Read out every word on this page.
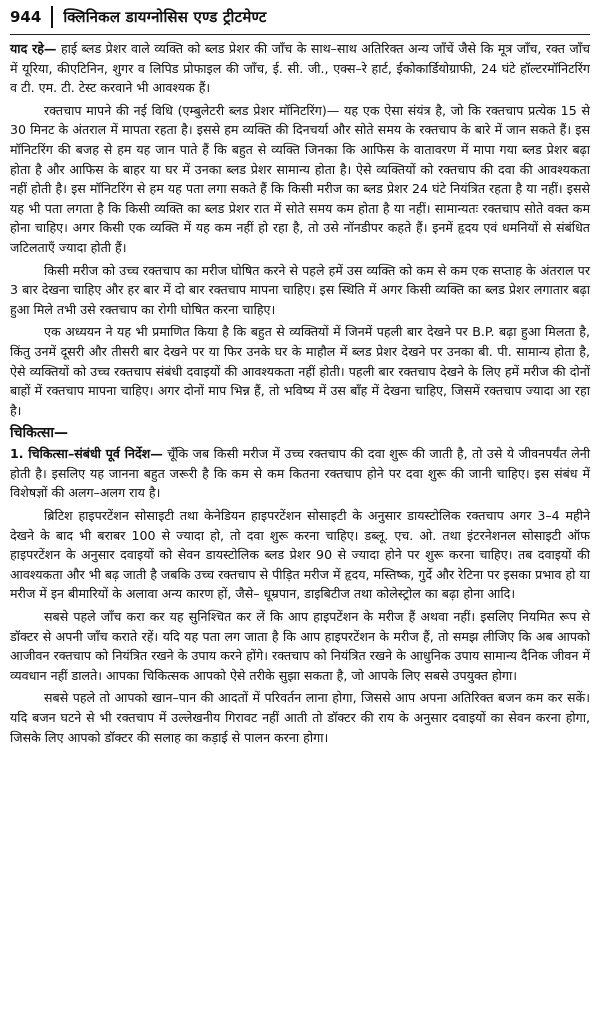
944	क्लिनिकल डायग्नोसिस एण्ड ट्रीटमेण्ट

याद रहे— हाई ब्लड प्रेशर वाले व्यक्ति को ब्लड प्रेशर की जाँच के साथ–साथ अतिरिक्त अन्य जाँचें जैसे कि मूत्र जाँच, रक्त जाँच में यूरिया, कीएटिनिन, शुगर व लिपिड प्रोफाइल की जाँच, ई. सी. जी., एक्स–रे हार्ट, ईकोकार्डियोग्राफी, 24 घंटे हॉल्टरमॉनिटरिंग व टी. एम. टी. टेस्ट करवाने भी आवश्यक हैं।

रक्तचाप मापने की नई विधि (एम्बुलेटरी ब्लड प्रेशर मॉनिटरिंग)— यह एक ऐसा संयंत्र है, जो कि रक्तचाप प्रत्येक 15 से 30 मिनट के अंतराल में मापता रहता है। इससे हम व्यक्ति की दिनचर्या और सोते समय के रक्तचाप के बारे में जान सकते हैं। इस मॉनिटरिंग की बजह से हम यह जान पाते हैं कि बहुत से व्यक्ति जिनका कि आफिस के वातावरण में मापा गया ब्लड प्रेशर बढ़ा होता है और आफिस के बाहर या घर में उनका ब्लड प्रेशर सामान्य होता है। ऐसे व्यक्तियों को रक्तचाप की दवा की आवश्यकता नहीं होती है। इस मॉनिटरिंग से हम यह पता लगा सकते हैं कि किसी मरीज का ब्लड प्रेशर 24 घंटे नियंत्रित रहता है या नहीं। इससे यह भी पता लगता है कि किसी व्यक्ति का ब्लड प्रेशर रात में सोते समय कम होता है या नहीं। सामान्यतः रक्तचाप सोते वक्त कम होना चाहिए। अगर किसी एक व्यक्ति में यह कम नहीं हो रहा है, तो उसे नॉनडीपर कहते हैं। इनमें हृदय एवं धमनियों से संबंधित जटिलताएँ ज्यादा होती हैं।

किसी मरीज को उच्च रक्तचाप का मरीज घोषित करने से पहले हमें उस व्यक्ति को कम से कम एक सप्ताह के अंतराल पर 3 बार देखना चाहिए और हर बार में दो बार रक्तचाप मापना चाहिए। इस स्थिति में अगर किसी व्यक्ति का ब्लड प्रेशर लगातार बढ़ा हुआ मिले तभी उसे रक्तचाप का रोगी घोषित करना चाहिए।

एक अध्ययन ने यह भी प्रमाणित किया है कि बहुत से व्यक्तियों में जिनमें पहली बार देखने पर B.P. बढ़ा हुआ मिलता है, किंतु उनमें दूसरी और तीसरी बार देखने पर या फिर उनके घर के माहौल में ब्लड प्रेशर देखने पर उनका बी. पी. सामान्य होता है, ऐसे व्यक्तियों को उच्च रक्तचाप संबंधी दवाइयों की आवश्यकता नहीं होती। पहली बार रक्तचाप देखने के लिए हमें मरीज की दोनों बाहों में रक्तचाप मापना चाहिए। अगर दोनों माप भिन्न हैं, तो भविष्य में उस बाँह में देखना चाहिए, जिसमें रक्तचाप ज्यादा आ रहा है।

चिकित्सा—

1. चिकित्सा–संबंधी पूर्व निर्देश— चूँकि जब किसी मरीज में उच्च रक्तचाप की दवा शुरू की जाती है, तो उसे ये जीवनपर्यंत लेनी होती है। इसलिए यह जानना बहुत जरूरी है कि कम से कम कितना रक्तचाप होने पर दवा शुरू की जानी चाहिए। इस संबंध में विशेषज्ञों की अलग–अलग राय है।

ब्रिटिश हाइपरटेंशन सोसाइटी तथा केनेडियन हाइपरटेंशन सोसाइटी के अनुसार डायस्टोलिक रक्तचाप अगर 3–4 महीने देखने के बाद भी बराबर 100 से ज्यादा हो, तो दवा शुरू करना चाहिए। डब्लू. एच. ओ. तथा इंटरनेशनल सोसाइटी ऑफ हाइपरटेंशन के अनुसार दवाइयों को सेवन डायस्टोलिक ब्लड प्रेशर 90 से ज्यादा होने पर शुरू करना चाहिए। तब दवाइयों की आवश्यकता और भी बढ़ जाती है जबकि उच्च रक्तचाप से पीड़ित मरीज में हृदय, मस्तिष्क, गुर्दे और रेटिना पर इसका प्रभाव हो या मरीज में इन बीमारियों के अलावा अन्य कारण हों, जैसे– धूम्रपान, डाइबिटीज तथा कोलेस्ट्रोल का बढ़ा होना आदि।

सबसे पहले जाँच करा कर यह सुनिश्चित कर लें कि आप हाइपटेंशन के मरीज हैं अथवा नहीं। इसलिए नियमित रूप से डॉक्टर से अपनी जाँच कराते रहें। यदि यह पता लग जाता है कि आप हाइपरटेंशन के मरीज हैं, तो समझ लीजिए कि अब आपको आजीवन रक्तचाप को नियंत्रित रखने के उपाय करने होंगे। रक्तचाप को नियंत्रित रखने के आधुनिक उपाय सामान्य दैनिक जीवन में व्यवधान नहीं डालते। आपका चिकित्सक आपको ऐसे तरीके सुझा सकता है, जो आपके लिए सबसे उपयुक्त होगा।

सबसे पहले तो आपको खान–पान की आदतों में परिवर्तन लाना होगा, जिससे आप अपना अतिरिक्त बजन कम कर सकें। यदि बजन घटने से भी रक्तचाप में उल्लेखनीय गिरावट नहीं आती तो डॉक्टर की राय के अनुसार दवाइयों का सेवन करना होगा, जिसके लिए आपको डॉक्टर की सलाह का कड़ाई से पालन करना होगा।
